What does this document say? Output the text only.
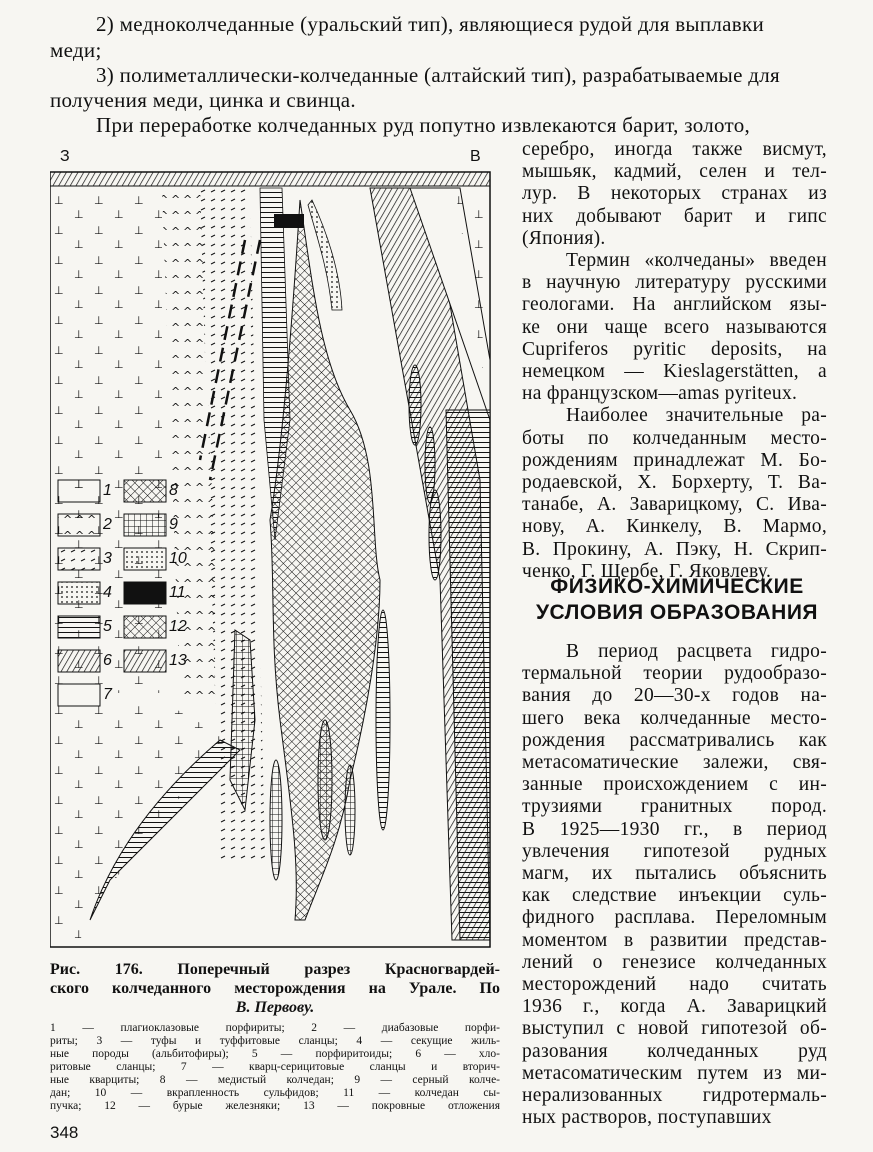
2) медноколчеданные (уральский тип), являющиеся рудой для выплавки
меди;
3) полиметаллически-колчеданные (алтайский тип), разрабатываемые для
получения меди, цинка и свинца.
При переработке колчеданных руд попутно извлекаются барит, золото,
З	В
1
2
3
4
5
6
7
8
9
10
11
12
13
Рис. 176. Поперечный разрез Красногвардей-
ского колчеданного месторождения на Урале. По
В. Первову.
1 — плагиоклазовые порфириты; 2 — диабазовые порфи-
риты; 3 — туфы и туффитовые сланцы; 4 — секущие жиль-
ные породы (альбитофиры); 5 — порфиритоиды; 6 — хло-
ритовые сланцы; 7 — кварц-серицитовые сланцы и вторич-
ные кварциты; 8 — медистый колчедан; 9 — серный колче-
дан; 10 — вкрапленность сульфидов; 11 — колчедан сы-
пучка; 12 — бурые железняки; 13 — покровные отложения
серебро, иногда также висмут,
мышьяк, кадмий, селен и тел-
лур. В некоторых странах из
них добывают барит и гипс
(Япония).
Термин «колчеданы» введен
в научную литературу русскими
геологами. На английском язы-
ке они чаще всего называются
Cupriferos pyritic deposits, на
немецком — Kieslagerstätten, а
на французском—amas pyriteux.
Наиболее значительные ра-
боты по колчеданным место-
рождениям принадлежат М. Бо-
родаевской, Х. Борхерту, Т. Ва-
танабе, А. Заварицкому, С. Ива-
нову, А. Кинкелу, В. Мармо,
В. Прокину, А. Пэку, Н. Скрип-
ченко, Г. Щербе, Г. Яковлеву.
ФИЗИКО-ХИМИЧЕСКИЕ
УСЛОВИЯ ОБРАЗОВАНИЯ
В период расцвета гидро-
термальной теории рудообразо-
вания до 20—30-х годов на-
шего века колчеданные место-
рождения рассматривались как
метасоматические залежи, свя-
занные происхождением с ин-
трузиями гранитных пород.
В 1925—1930 гг., в период
увлечения гипотезой рудных
магм, их пытались объяснить
как следствие инъекции суль-
фидного расплава. Переломным
моментом в развитии представ-
лений о генезисе колчеданных
месторождений надо считать
1936 г., когда А. Заварицкий
выступил с новой гипотезой об-
разования колчеданных руд
метасоматическим путем из ми-
нерализованных гидротермаль-
ных растворов, поступавших
348
